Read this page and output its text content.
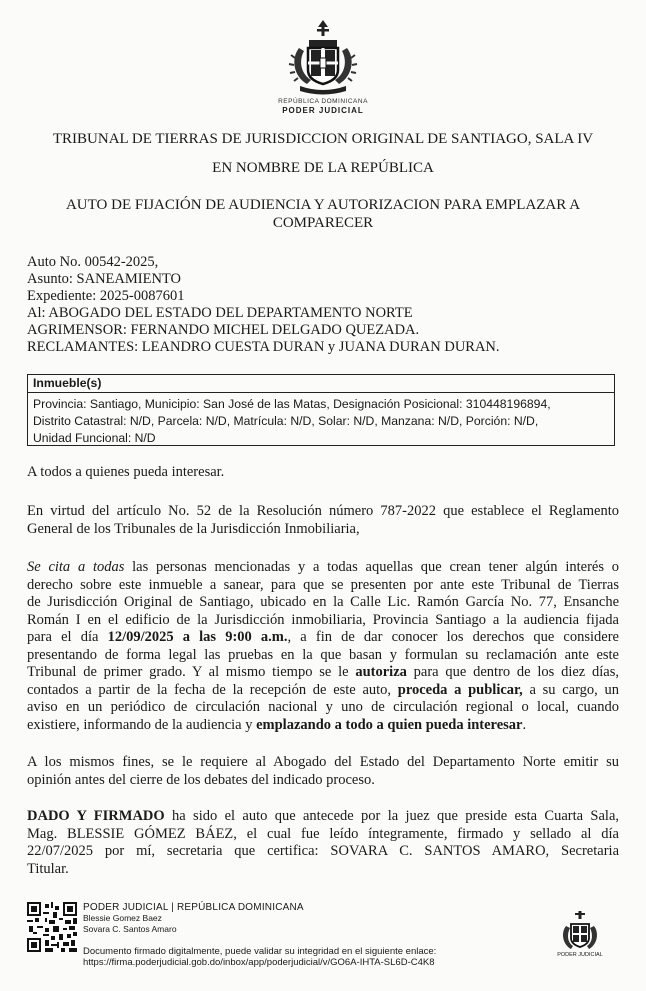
REPÚBLICA DOMINICANA
PODER JUDICIAL
TRIBUNAL DE TIERRAS DE JURISDICCION ORIGINAL DE SANTIAGO, SALA IV
EN NOMBRE DE LA REPÚBLICA
AUTO DE FIJACIÓN DE AUDIENCIA Y AUTORIZACION PARA EMPLAZAR A
COMPARECER
Auto No. 00542-2025,
Asunto: SANEAMIENTO
Expediente: 2025-0087601
Al: ABOGADO DEL ESTADO DEL DEPARTAMENTO NORTE
AGRIMENSOR: FERNANDO MICHEL DELGADO QUEZADA.
RECLAMANTES: LEANDRO CUESTA DURAN y JUANA DURAN DURAN.
Inmueble(s)
Provincia: Santiago, Municipio: San José de las Matas, Designación Posicional: 310448196894,
Distrito Catastral: N/D, Parcela: N/D, Matrícula: N/D, Solar: N/D, Manzana: N/D, Porción: N/D,
Unidad Funcional: N/D
A todos a quienes pueda interesar.
En virtud del artículo No. 52 de la Resolución número 787-2022 que establece el Reglamento
General de los Tribunales de la Jurisdicción Inmobiliaria,
Se cita a todas las personas mencionadas y a todas aquellas que crean tener algún interés o
derecho sobre este inmueble a sanear, para que se presenten por ante este Tribunal de Tierras
de Jurisdicción Original de Santiago, ubicado en la Calle Lic. Ramón García No. 77, Ensanche
Román I en el edificio de la Jurisdicción inmobiliaria, Provincia Santiago a la audiencia fijada
para el día 12/09/2025 a las 9:00 a.m., a fin de dar conocer los derechos que considere
presentando de forma legal las pruebas en la que basan y formulan su reclamación ante este
Tribunal de primer grado. Y al mismo tiempo se le autoriza para que dentro de los diez días,
contados a partir de la fecha de la recepción de este auto, proceda a publicar, a su cargo, un
aviso en un periódico de circulación nacional y uno de circulación regional o local, cuando
existiere, informando de la audiencia y emplazando a todo a quien pueda interesar.
A los mismos fines, se le requiere al Abogado del Estado del Departamento Norte emitir su
opinión antes del cierre de los debates del indicado proceso.
DADO Y FIRMADO ha sido el auto que antecede por la juez que preside esta Cuarta Sala,
Mag. BLESSIE GÓMEZ BÁEZ, el cual fue leído íntegramente, firmado y sellado al día
22/07/2025 por mí, secretaria que certifica: SOVARA C. SANTOS AMARO, Secretaria
Titular.
PODER JUDICIAL | REPÚBLICA DOMINICANA
Blessie Gomez Baez
Sovara C. Santos Amaro
Documento firmado digitalmente, puede validar su integridad en el siguiente enlace:
https://firma.poderjudicial.gob.do/inbox/app/poderjudicial/v/GO6A-IHTA-SL6D-C4K8
PODER JUDICIAL
